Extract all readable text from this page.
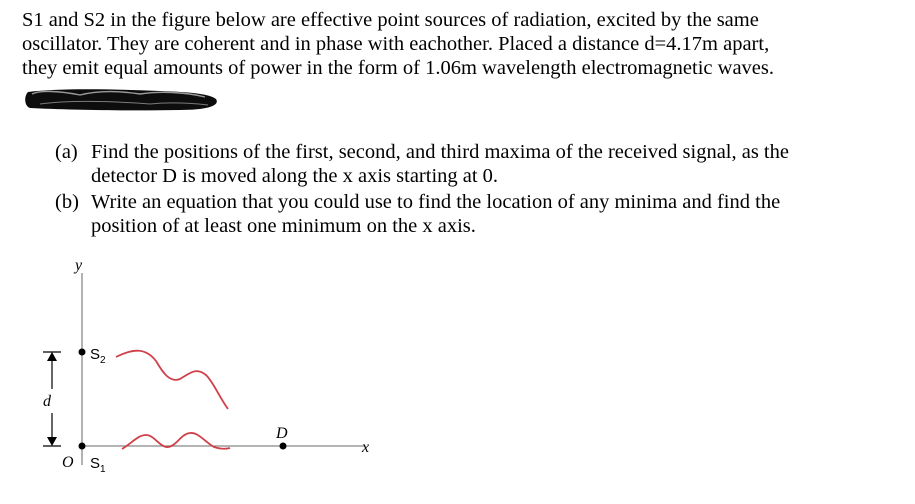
S1 and S2 in the figure below are effective point sources of radiation, excited by the same
oscillator. They are coherent and in phase with eachother. Placed a distance d=4.17m apart,
they emit equal amounts of power in the form of 1.06m wavelength electromagnetic waves.
(a) Find the positions of the first, second, and third maxima of the received signal, as the
detector D is moved along the x axis starting at 0.
(b) Write an equation that you could use to find the location of any minima and find the
position of at least one minimum on the x axis.
y
x
O
d
$S_2$
$S_1$
D
